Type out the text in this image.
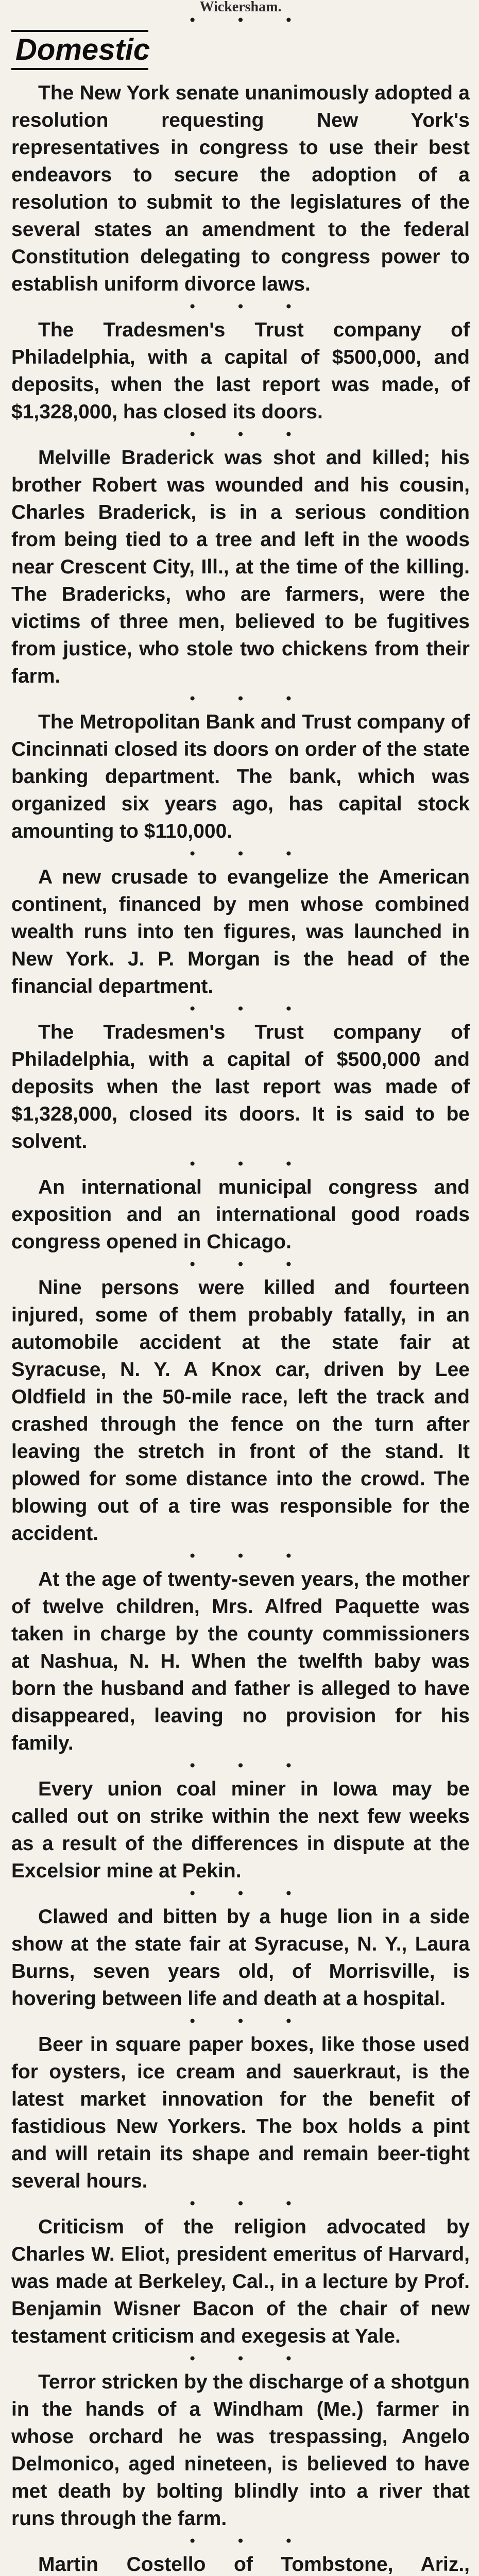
Wickersham.
• • •
Domestic

The New York senate unanimously adopted a resolution requesting New York's representatives in congress to use their best endeavors to secure the adoption of a resolution to submit to the legislatures of the several states an amendment to the federal Constitution delegating to congress power to establish uniform divorce laws.

• • •

The Tradesmen's Trust company of Philadelphia, with a capital of $500,000, and deposits, when the last report was made, of $1,328,000, has closed its doors.

• • •

Melville Braderick was shot and killed; his brother Robert was wounded and his cousin, Charles Braderick, is in a serious condition from being tied to a tree and left in the woods near Crescent City, Ill., at the time of the killing. The Bradericks, who are farmers, were the victims of three men, believed to be fugitives from justice, who stole two chickens from their farm.

• • •

The Metropolitan Bank and Trust company of Cincinnati closed its doors on order of the state banking department. The bank, which was organized six years ago, has capital stock amounting to $110,000.

• • •

A new crusade to evangelize the American continent, financed by men whose combined wealth runs into ten figures, was launched in New York. J. P. Morgan is the head of the financial department.

• • •

The Tradesmen's Trust company of Philadelphia, with a capital of $500,000 and deposits when the last report was made of $1,328,000, closed its doors. It is said to be solvent.

• • •

An international municipal congress and exposition and an international good roads congress opened in Chicago.

• • •

Nine persons were killed and fourteen injured, some of them probably fatally, in an automobile accident at the state fair at Syracuse, N. Y. A Knox car, driven by Lee Oldfield in the 50-mile race, left the track and crashed through the fence on the turn after leaving the stretch in front of the stand. It plowed for some distance into the crowd. The blowing out of a tire was responsible for the accident.

• • •

At the age of twenty-seven years, the mother of twelve children, Mrs. Alfred Paquette was taken in charge by the county commissioners at Nashua, N. H. When the twelfth baby was born the husband and father is alleged to have disappeared, leaving no provision for his family.

• • •

Every union coal miner in Iowa may be called out on strike within the next few weeks as a result of the differences in dispute at the Excelsior mine at Pekin.

• • •

Clawed and bitten by a huge lion in a side show at the state fair at Syracuse, N. Y., Laura Burns, seven years old, of Morrisville, is hovering between life and death at a hospital.

• • •

Beer in square paper boxes, like those used for oysters, ice cream and sauerkraut, is the latest market innovation for the benefit of fastidious New Yorkers. The box holds a pint and will retain its shape and remain beer-tight several hours.

• • •

Criticism of the religion advocated by Charles W. Eliot, president emeritus of Harvard, was made at Berkeley, Cal., in a lecture by Prof. Benjamin Wisner Bacon of the chair of new testament criticism and exegesis at Yale.

• • •

Terror stricken by the discharge of a shotgun in the hands of a Windham (Me.) farmer in whose orchard he was trespassing, Angelo Delmonico, aged nineteen, is believed to have met death by bolting blindly into a river that runs through the farm.

• • •

Martin Costello of Tombstone, Ariz.,
